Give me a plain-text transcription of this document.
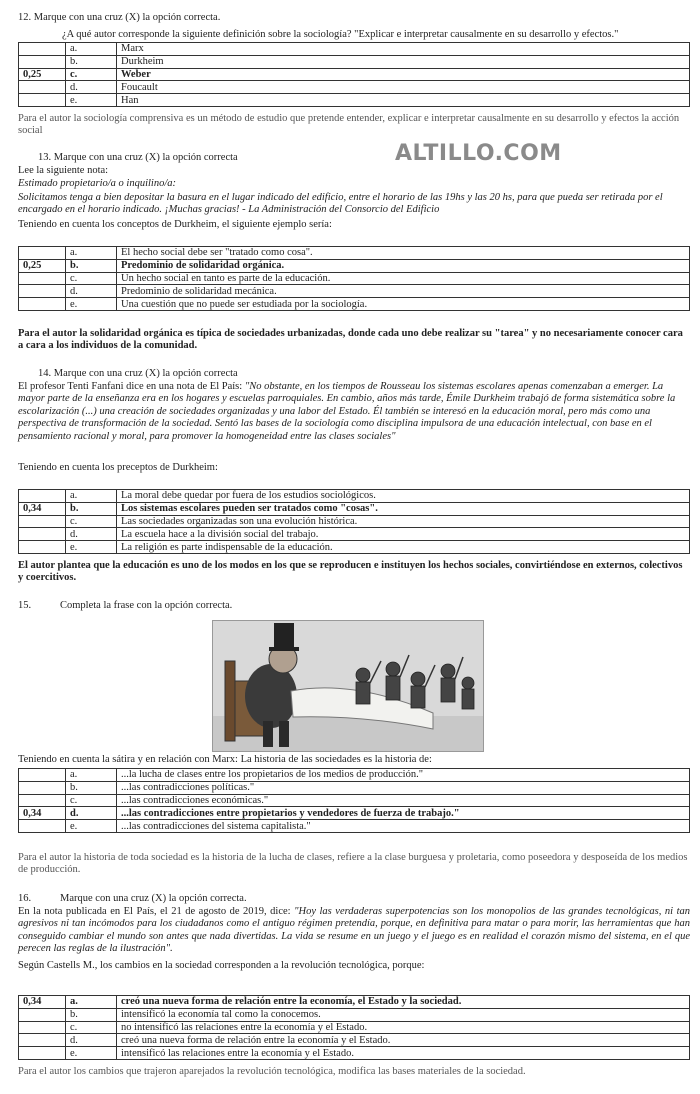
ALTILLO.COM
12. Marque con una cruz (X) la opción correcta.
¿A qué autor corresponde la siguiente definición sobre la sociología? "Explicar e interpretar causalmente en su desarrollo y efectos."
	a.	Marx
	b.	Durkheim
0,25	c.	Weber
	d.	Foucault
	e.	Han
Para el autor la sociología comprensiva es un método de estudio que pretende entender, explicar e interpretar causalmente en su desarrollo y efectos la acción social
13. Marque con una cruz (X) la opción correcta
Lee la siguiente nota:
Estimado propietario/a o inquilino/a:
Solicitamos tenga a bien depositar la basura en el lugar indicado del edificio, entre el horario de las 19hs y las 20 hs, para que pueda ser retirada por el encargado en el horario indicado. ¡Muchas gracias! - La Administración del Consorcio del Edificio
Teniendo en cuenta los conceptos de Durkheim, el siguiente ejemplo sería:
	a.	El hecho social debe ser "tratado como cosa".
0,25	b.	Predominio de solidaridad orgánica.
	c.	Un hecho social en tanto es parte de la educación.
	d.	Predominio de solidaridad mecánica.
	e.	Una cuestión que no puede ser estudiada por la sociología.
Para el autor la solidaridad orgánica es típica de sociedades urbanizadas, donde cada uno debe realizar su "tarea" y no necesariamente conocer cara a cara a los individuos de la comunidad.
14. Marque con una cruz (X) la opción correcta
El profesor Tenti Fanfani dice en una nota de El País: "No obstante, en los tiempos de Rousseau los sistemas escolares apenas comenzaban a emerger. La mayor parte de la enseñanza era en los hogares y escuelas parroquiales. En cambio, años más tarde, Émile Durkheim trabajó de forma sistemática sobre la escolarización (...) una creación de sociedades organizadas y una labor del Estado. Él también se interesó en la educación moral, pero más como una perspectiva de transformación de la sociedad. Sentó las bases de la sociología como disciplina impulsora de una educación intelectual, con base en el pensamiento racional y moral, para promover la homogeneidad entre las clases sociales"
Teniendo en cuenta los preceptos de Durkheim:
	a.	La moral debe quedar por fuera de los estudios sociológicos.
0,34	b.	Los sistemas escolares pueden ser tratados como "cosas".
	c.	Las sociedades organizadas son una evolución histórica.
	d.	La escuela hace a la división social del trabajo.
	e.	La religión es parte indispensable de la educación.
El autor plantea que la educación es uno de los modos en los que se reproducen e instituyen los hechos sociales, convirtiéndose en externos, colectivos y coercitivos.
15.	Completa la frase con la opción correcta.
Teniendo en cuenta la sátira y en relación con Marx: La historia de las sociedades es la historia de:
	a.	...la lucha de clases entre los propietarios de los medios de producción."
	b.	...las contradicciones políticas."
	c.	...las contradicciones económicas."
0,34	d.	...las contradicciones entre propietarios y vendedores de fuerza de trabajo."
	e.	...las contradicciones del sistema capitalista."
Para el autor la historia de toda sociedad es la historia de la lucha de clases, refiere a la clase burguesa y proletaria, como poseedora y desposeída de los medios de producción.
16.	Marque con una cruz (X) la opción correcta.
En la nota publicada en El País, el 21 de agosto de 2019, dice: "Hoy las verdaderas superpotencias son los monopolios de las grandes tecnológicas, ni tan agresivos ni tan incómodos para los ciudadanos como el antiguo régimen pretendía, porque, en definitiva para matar o para morir, las herramientas que han conseguido cambiar el mundo son antes que nada divertidas. La vida se resume en un juego y el juego es en realidad el corazón mismo del sistema, en el que perecen las reglas de la ilustración".
Según Castells M., los cambios en la sociedad corresponden a la revolución tecnológica, porque:
0,34	a.	creó una nueva forma de relación entre la economía, el Estado y la sociedad.
	b.	intensificó la economía tal como la conocemos.
	c.	no intensificó las relaciones entre la economía y el Estado.
	d.	creó una nueva forma de relación entre la economía y el Estado.
	e.	intensificó las relaciones entre la economía y el Estado.
Para el autor los cambios que trajeron aparejados la revolución tecnológica, modifica las bases materiales de la sociedad.
